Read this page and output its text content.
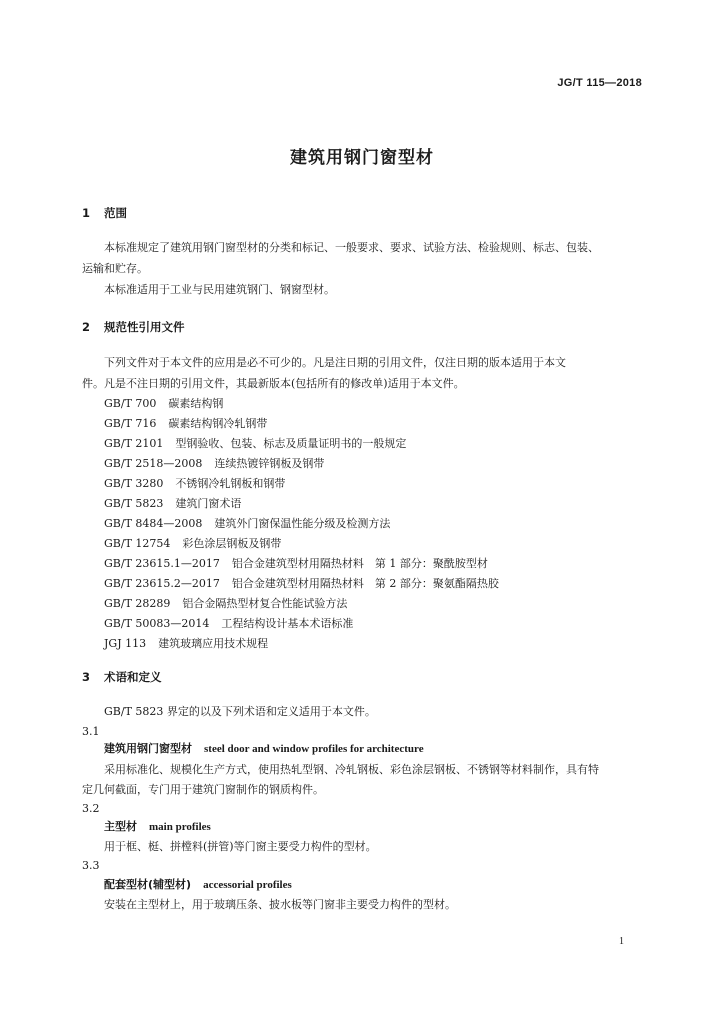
JG/T 115—2018
建筑用钢门窗型材
1 范围
本标准规定了建筑用钢门窗型材的分类和标记、一般要求、要求、试验方法、检验规则、标志、包装、
运输和贮存。
本标准适用于工业与民用建筑钢门、钢窗型材。
2 规范性引用文件
下列文件对于本文件的应用是必不可少的。凡是注日期的引用文件，仅注日期的版本适用于本文
件。凡是不注日期的引用文件，其最新版本(包括所有的修改单)适用于本文件。
GB/T 700 碳素结构钢
GB/T 716 碳素结构钢冷轧钢带
GB/T 2101 型钢验收、包装、标志及质量证明书的一般规定
GB/T 2518—2008 连续热镀锌钢板及钢带
GB/T 3280 不锈钢冷轧钢板和钢带
GB/T 5823 建筑门窗术语
GB/T 8484—2008 建筑外门窗保温性能分级及检测方法
GB/T 12754 彩色涂层钢板及钢带
GB/T 23615.1—2017 铝合金建筑型材用隔热材料　第 1 部分：聚酰胺型材
GB/T 23615.2—2017 铝合金建筑型材用隔热材料　第 2 部分：聚氨酯隔热胶
GB/T 28289 铝合金隔热型材复合性能试验方法
GB/T 50083—2014 工程结构设计基本术语标准
JGJ 113 建筑玻璃应用技术规程
3 术语和定义
GB/T 5823 界定的以及下列术语和定义适用于本文件。
3.1
建筑用钢门窗型材 steel door and window profiles for architecture
采用标准化、规模化生产方式，使用热轧型钢、冷轧钢板、彩色涂层钢板、不锈钢等材料制作，具有特
定几何截面，专门用于建筑门窗制作的钢质构件。
3.2
主型材 main profiles
用于框、梃、拼樘料(拼管)等门窗主要受力构件的型材。
3.3
配套型材(辅型材) accessorial profiles
安装在主型材上，用于玻璃压条、披水板等门窗非主要受力构件的型材。
1
